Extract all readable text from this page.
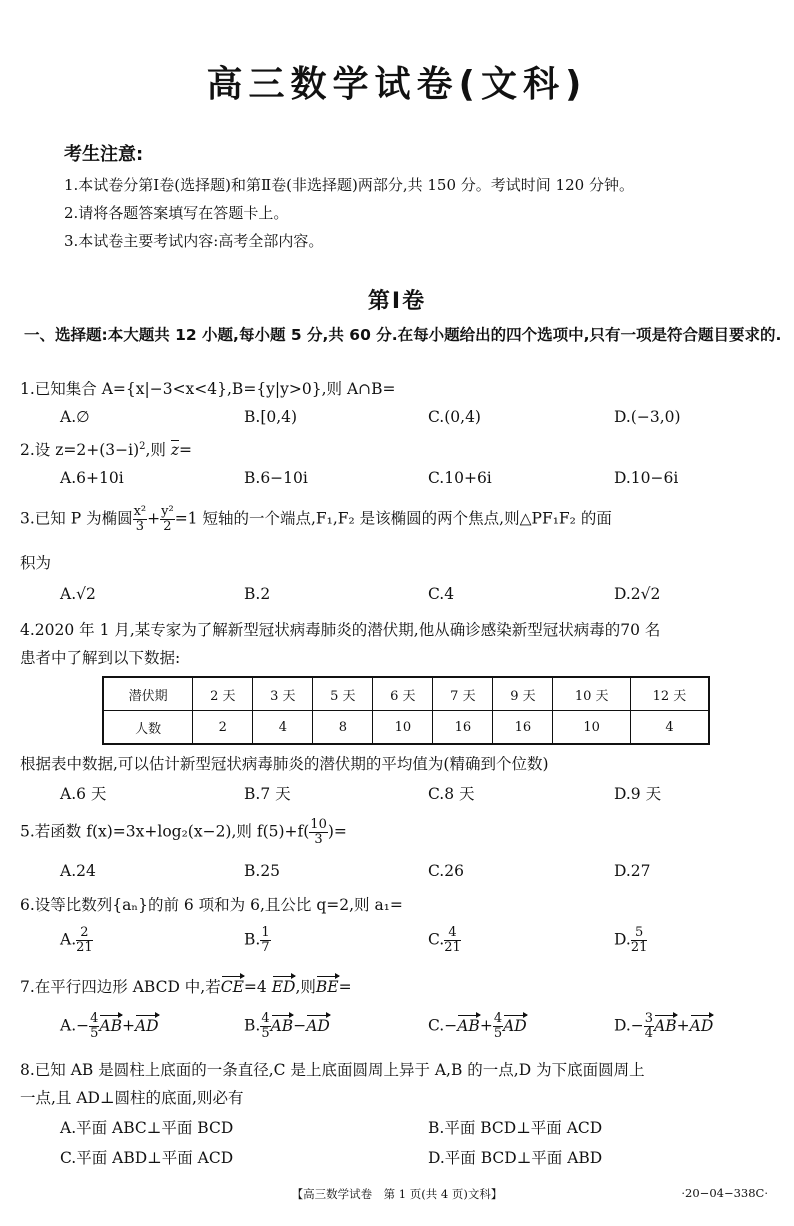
高三数学试卷(文科)
考生注意:
1.本试卷分第Ⅰ卷(选择题)和第Ⅱ卷(非选择题)两部分,共 150 分。考试时间 120 分钟。
2.请将各题答案填写在答题卡上。
3.本试卷主要考试内容:高考全部内容。
第Ⅰ卷
一、选择题:本大题共 12 小题,每小题 5 分,共 60 分.在每小题给出的四个选项中,只有一项是符合题目要求的.
1.已知集合 A={x|−3<x<4},B={y|y>0},则 A∩B=
A.∅	B.[0,4)	C.(0,4)	D.(−3,0)
2.设 $z=2+(3-i)^2$,则 z=
A.6+10i	B.6−10i	C.10+6i	D.10−6i
3.已知 P 为椭圆 $\frac{\text{x²}}{3} + \frac{\text{y²}}{2} =1$ 短轴的一个端点,F₁,F₂ 是该椭圆的两个焦点,则△PF₁F₂ 的面
积为
A.√2	B.2	C.4	D.2√2
4.2020 年 1 月,某专家为了解新型冠状病毒肺炎的潜伏期,他从确诊感染新型冠状病毒的70 名
患者中了解到以下数据:
潜伏期	2 天	3 天	5 天	6 天	7 天	9 天	10 天	12 天
人数	2	4	8	10	16	16	10	4
根据表中数据,可以估计新型冠状病毒肺炎的潜伏期的平均值为(精确到个位数)
A.6 天	B.7 天	C.8 天	D.9 天
5.若函数 f(x)=3x+log₂(x−2),则 $f(5)+f( \frac{10}{3}$ )=
A.24	B.25	C.26	D.27
6.设等比数列{aₙ}的前 6 项和为 6,且公比 q=2,则 a₁=
A. $\frac{2}{21}$	B. $\frac{1}{7}$	C. $\frac{4}{21}$	D. $\frac{5}{21}$
7.在平行四边形 ABCD 中,若CE=4 ED,则BE=
$A.- \frac{4}{5} AB+AD$	B. $\frac{4}{5} AB-AD$	$C.-AB+ \frac{4}{5}$ AD	$D.- \frac{3}{4} AB+AD$
8.已知 AB 是圆柱上底面的一条直径,C 是上底面圆周上异于 A,B 的一点,D 为下底面圆周上
一点,且 AD⊥圆柱的底面,则必有
A.平面 ABC⊥平面 BCD	B.平面 BCD⊥平面 ACD
C.平面 ABD⊥平面 ACD	D.平面 BCD⊥平面 ABD
【高三数学试卷　第 1 页(共 4 页)文科】	·20−04−338C·
